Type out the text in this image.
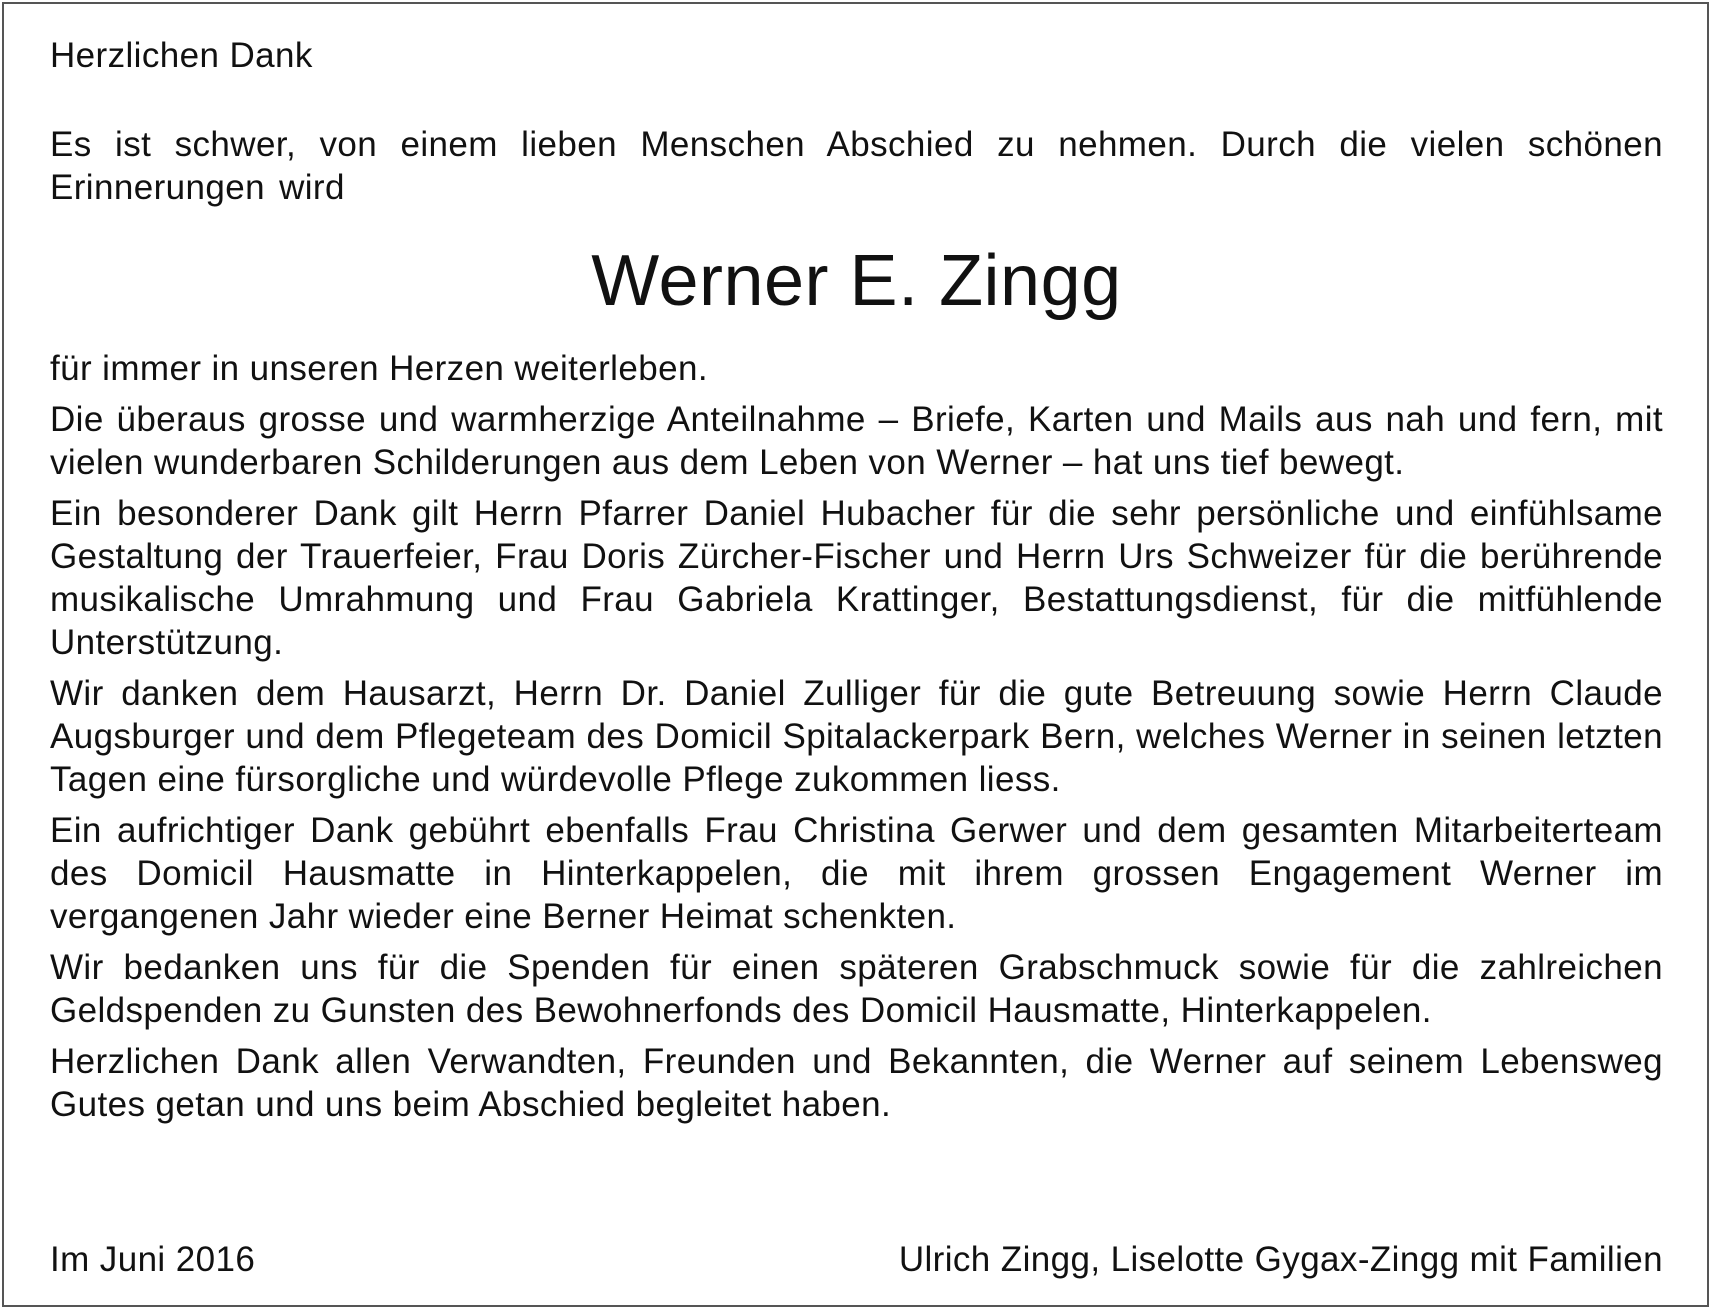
Herzlichen Dank

Es ist schwer, von einem lieben Menschen Abschied zu nehmen. Durch die vielen schönen Erinnerungen wird

Werner E. Zingg

für immer in unseren Herzen weiterleben.

Die überaus grosse und warmherzige Anteilnahme – Briefe, Karten und Mails aus nah und fern, mit vielen wunderbaren Schilderungen aus dem Leben von Werner – hat uns tief bewegt.

Ein besonderer Dank gilt Herrn Pfarrer Daniel Hubacher für die sehr persönliche und einfühlsame Gestaltung der Trauerfeier, Frau Doris Zürcher-Fischer und Herrn Urs Schweizer für die berührende musikalische Umrahmung und Frau Gabriela Krattinger, Bestattungsdienst, für die mitfühlende Unterstützung.

Wir danken dem Hausarzt, Herrn Dr. Daniel Zulliger für die gute Betreuung sowie Herrn Claude Augsburger und dem Pflegeteam des Domicil Spitalackerpark Bern, welches Werner in seinen letzten Tagen eine fürsorgliche und würdevolle Pflege zukommen liess.

Ein aufrichtiger Dank gebührt ebenfalls Frau Christina Gerwer und dem gesamten Mitarbeiterteam des Domicil Hausmatte in Hinterkappelen, die mit ihrem grossen Engagement Werner im vergangenen Jahr wieder eine Berner Heimat schenkten.

Wir bedanken uns für die Spenden für einen späteren Grabschmuck sowie für die zahlreichen Geldspenden zu Gunsten des Bewohnerfonds des Domicil Hausmatte, Hinterkappelen.

Herzlichen Dank allen Verwandten, Freunden und Bekannten, die Werner auf seinem Lebensweg Gutes getan und uns beim Abschied begleitet haben.

Im Juni 2016	Ulrich Zingg, Liselotte Gygax-Zingg mit Familien
